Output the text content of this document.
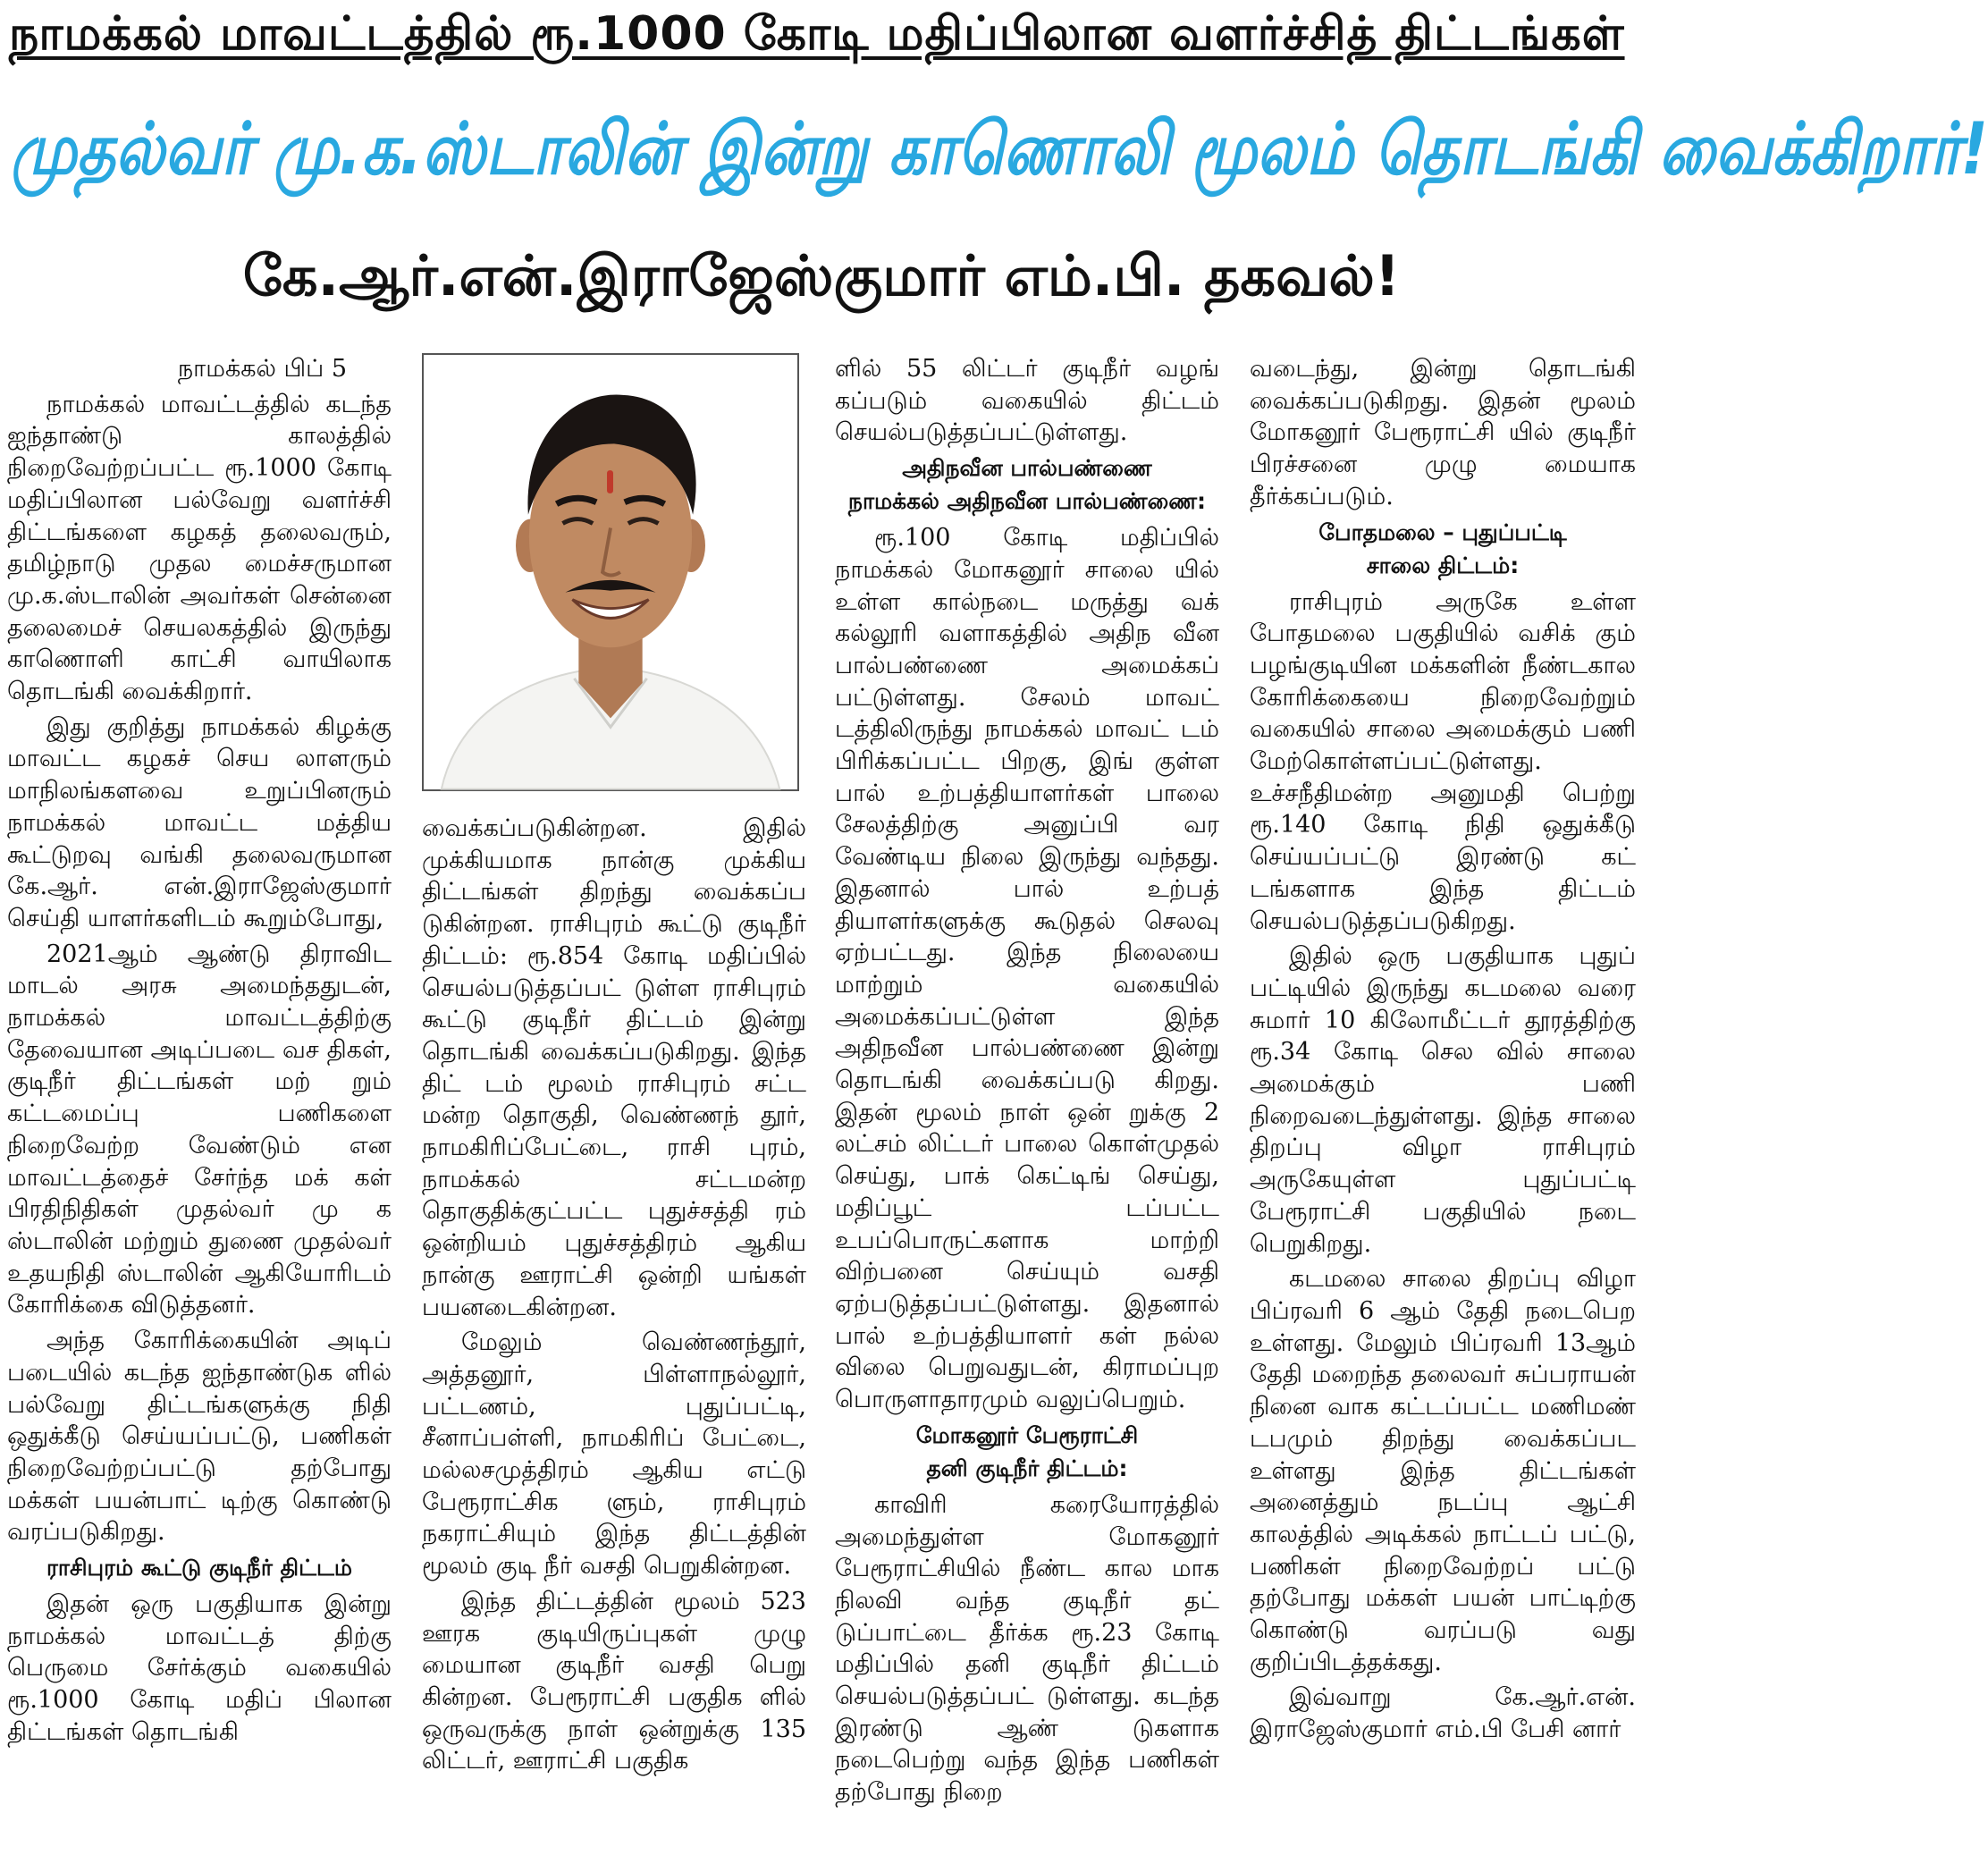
நாமக்கல் மாவட்டத்தில் ரூ.1000 கோடி மதிப்பிலான வளர்ச்சித் திட்டங்கள்
முதல்வர் மு.க.ஸ்டாலின் இன்று காணொலி மூலம் தொடங்கி வைக்கிறார்!
கே.ஆர்.என்.இராஜேஸ்குமார் எம்.பி. தகவல்!

நாமக்கல் பிப் 5

நாமக்கல் மாவட்டத்தில் கடந்த ஐந்தாண்டு காலத்தில் நிறைவேற்றப்பட்ட ரூ.1000 கோடி மதிப்பிலான பல்வேறு வளர்ச்சி திட்டங்களை கழகத் தலைவரும், தமிழ்நாடு முதல மைச்சருமான மு.க.ஸ்டாலின் அவர்கள் சென்னை தலைமைச் செயலகத்தில் இருந்து காணொளி காட்சி வாயிலாக தொடங்கி வைக்கிறார்.

இது குறித்து நாமக்கல் கிழக்கு மாவட்ட கழகச் செய லாளரும் மாநிலங்களவை உறுப்பினரும் நாமக்கல் மாவட்ட மத்திய கூட்டுறவு வங்கி தலைவருமான கே.ஆர். என்.இராஜேஸ்குமார் செய்தி யாளர்களிடம் கூறும்போது,

2021ஆம் ஆண்டு திராவிட மாடல் அரசு அமைந்ததுடன், நாமக்கல் மாவட்டத்திற்கு தேவையான அடிப்படை வச திகள், குடிநீர் திட்டங்கள் மற் றும் கட்டமைப்பு பணிகளை நிறைவேற்ற வேண்டும் என மாவட்டத்தைச் சேர்ந்த மக் கள் பிரதிநிதிகள் முதல்வர் மு க ஸ்டாலின் மற்றும் துணை முதல்வர் உதயநிதி ஸ்டாலின் ஆகியோரிடம் கோரிக்கை விடுத்தனர்.

அந்த கோரிக்கையின் அடிப் படையில் கடந்த ஐந்தாண்டுக ளில் பல்வேறு திட்டங்களுக்கு நிதி ஒதுக்கீடு செய்யப்பட்டு, பணிகள் நிறைவேற்றப்பட்டு தற்போது மக்கள் பயன்பாட் டிற்கு கொண்டு வரப்படுகிறது.

ராசிபுரம் கூட்டு குடிநீர் திட்டம்

இதன் ஒரு பகுதியாக இன்று நாமக்கல் மாவட்டத் திற்கு பெருமை சேர்க்கும் வகையில் ரூ.1000 கோடி மதிப் பிலான திட்டங்கள் தொடங்கி

வைக்கப்படுகின்றன. இதில் முக்கியமாக நான்கு முக்கிய திட்டங்கள் திறந்து வைக்கப்ப டுகின்றன. ராசிபுரம் கூட்டு குடிநீர் திட்டம்: ரூ.854 கோடி மதிப்பில் செயல்படுத்தப்பட் டுள்ள ராசிபுரம் கூட்டு குடிநீர் திட்டம் இன்று தொடங்கி வைக்கப்படுகிறது. இந்த திட் டம் மூலம் ராசிபுரம் சட்ட மன்ற தொகுதி, வெண்ணந் தூர், நாமகிரிப்பேட்டை, ராசி புரம், நாமக்கல் சட்டமன்ற தொகுதிக்குட்பட்ட புதுச்சத்தி ரம் ஒன்றியம் புதுச்சத்திரம் ஆகிய நான்கு ஊராட்சி ஒன்றி யங்கள் பயனடைகின்றன.

மேலும் வெண்ணந்தூர், அத்தனூர், பிள்ளாநல்லூர், பட்டணம், புதுப்பட்டி, சீனாப்பள்ளி, நாமகிரிப் பேட்டை, மல்லசமுத்திரம் ஆகிய எட்டு பேரூராட்சிக ளும், ராசிபுரம் நகராட்சியும் இந்த திட்டத்தின் மூலம் குடி நீர் வசதி பெறுகின்றன.

இந்த திட்டத்தின் மூலம் 523 ஊரக குடியிருப்புகள் முழு மையான குடிநீர் வசதி பெறு கின்றன. பேரூராட்சி பகுதிக ளில் ஒருவருக்கு நாள் ஒன்றுக்கு 135 லிட்டர், ஊராட்சி பகுதிக

ளில் 55 லிட்டர் குடிநீர் வழங் கப்படும் வகையில் திட்டம் செயல்படுத்தப்பட்டுள்ளது.

அதிநவீன பால்பண்ணை
நாமக்கல் அதிநவீன பால்பண்ணை:

ரூ.100 கோடி மதிப்பில் நாமக்கல் மோகனூர் சாலை யில் உள்ள கால்நடை மருத்து வக் கல்லூரி வளாகத்தில் அதிந வீன பால்பண்ணை அமைக்கப் பட்டுள்ளது. சேலம் மாவட் டத்திலிருந்து நாமக்கல் மாவட் டம் பிரிக்கப்பட்ட பிறகு, இங் குள்ள பால் உற்பத்தியாளர்கள் பாலை சேலத்திற்கு அனுப்பி வர வேண்டிய நிலை இருந்து வந்தது. இதனால் பால் உற்பத் தியாளர்களுக்கு கூடுதல் செலவு ஏற்பட்டது. இந்த நிலையை மாற்றும் வகையில் அமைக்கப்பட்டுள்ள இந்த அதிநவீன பால்பண்ணை இன்று தொடங்கி வைக்கப்படு கிறது. இதன் மூலம் நாள் ஒன் றுக்கு 2 லட்சம் லிட்டர் பாலை கொள்முதல் செய்து, பாக் கெட்டிங் செய்து, மதிப்பூட் டப்பட்ட உபப்பொருட்களாக மாற்றி விற்பனை செய்யும் வசதி ஏற்படுத்தப்பட்டுள்ளது. இதனால் பால் உற்பத்தியாளர் கள் நல்ல விலை பெறுவதுடன், கிராமப்புற பொருளாதாரமும் வலுப்பெறும்.

மோகனூர் பேரூராட்சி
தனி குடிநீர் திட்டம்:

காவிரி கரையோரத்தில் அமைந்துள்ள மோகனூர் பேரூராட்சியில் நீண்ட கால மாக நிலவி வந்த குடிநீர் தட் டுப்பாட்டை தீர்க்க ரூ.23 கோடி மதிப்பில் தனி குடிநீர் திட்டம் செயல்படுத்தப்பட் டுள்ளது. கடந்த இரண்டு ஆண் டுகளாக நடைபெற்று வந்த இந்த பணிகள் தற்போது நிறை

வடைந்து, இன்று தொடங்கி வைக்கப்படுகிறது. இதன் மூலம் மோகனூர் பேரூராட்சி யில் குடிநீர் பிரச்சனை முழு மையாக தீர்க்கப்படும்.

போதமலை – புதுப்பட்டி
சாலை திட்டம்:

ராசிபுரம் அருகே உள்ள போதமலை பகுதியில் வசிக் கும் பழங்குடியின மக்களின் நீண்டகால கோரிக்கையை நிறைவேற்றும் வகையில் சாலை அமைக்கும் பணி மேற்கொள்ளப்பட்டுள்ளது. உச்சநீதிமன்ற அனுமதி பெற்று ரூ.140 கோடி நிதி ஒதுக்கீடு செய்யப்பட்டு இரண்டு கட் டங்களாக இந்த திட்டம் செயல்படுத்தப்படுகிறது.

இதில் ஒரு பகுதியாக புதுப் பட்டியில் இருந்து கடமலை வரை சுமார் 10 கிலோமீட்டர் தூரத்திற்கு ரூ.34 கோடி செல வில் சாலை அமைக்கும் பணி நிறைவடைந்துள்ளது. இந்த சாலை திறப்பு விழா ராசிபுரம் அருகேயுள்ள புதுப்பட்டி பேரூராட்சி பகுதியில் நடை பெறுகிறது.

கடமலை சாலை திறப்பு விழா பிப்ரவரி 6 ஆம் தேதி நடைபெற உள்ளது. மேலும் பிப்ரவரி 13ஆம் தேதி மறைந்த தலைவர் சுப்பராயன் நினை வாக கட்டப்பட்ட மணிமண் டபமும் திறந்து வைக்கப்பட உள்ளது இந்த திட்டங்கள் அனைத்தும் நடப்பு ஆட்சி காலத்தில் அடிக்கல் நாட்டப் பட்டு, பணிகள் நிறைவேற்றப் பட்டு தற்போது மக்கள் பயன் பாட்டிற்கு கொண்டு வரப்படு வது குறிப்பிடத்தக்கது.

இவ்வாறு கே.ஆர்.என். இராஜேஸ்குமார் எம்.பி பேசி னார்
